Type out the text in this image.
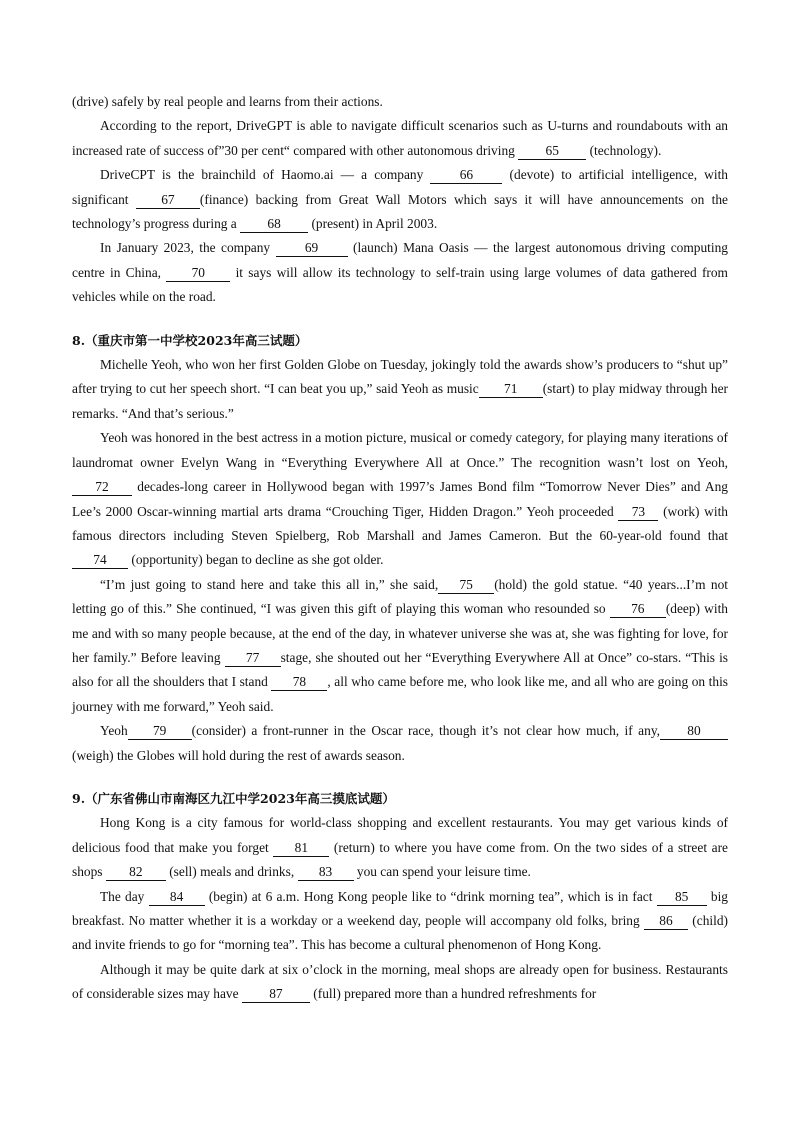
(drive) safely by real people and learns from their actions.

According to the report, DriveGPT is able to navigate difficult scenarios such as U-turns and roundabouts with an increased rate of success of”30 per cent“ compared with other autonomous driving 65 (technology).

DriveCPT is the brainchild of Haomo.ai — a company 66	(devote) to artificial intelligence, with significant 67 (finance) backing from Great Wall Motors which says it will have announcements on the technology’s progress during a 68 (present) in April 2003.

In January 2023, the company 69	(launch) Mana Oasis — the largest autonomous driving computing centre in China, 70 it says will allow its technology to self-train using large volumes of data gathered from vehicles while on the road.

8.（重庆市第一中学校2023年高三试题）

Michelle Yeoh, who won her first Golden Globe on Tuesday, jokingly told the awards show’s producers to “shut up” after trying to cut her speech short. “I can beat you up,” said Yeoh as music 71 (start) to play midway through her remarks. “And that’s serious.”

Yeoh was honored in the best actress in a motion picture, musical or comedy category, for playing many iterations of laundromat owner Evelyn Wang in “Everything Everywhere All at Once.” The recognition wasn’t lost on Yeoh,72 decades-long career in Hollywood began with 1997’s James Bond film “Tomorrow Never Dies” and Ang Lee’s 2000 Oscar-winning martial arts drama “Crouching Tiger, Hidden Dragon.” Yeoh proceeded 73 (work) with famous directors including Steven Spielberg, Rob Marshall and James Cameron. But the 60-year-old found that 74 (opportunity) began to decline as she got older.

“I’m just going to stand here and take this all in,” she said, 75 (hold) the gold statue. “40 years...I’m not letting go of this.” She continued, “I was given this gift of playing this woman who resounded so 76 (deep) with me and with so many people because, at the end of the day, in whatever universe she was at, she was fighting for love, for her family.” Before leaving 77 stage, she shouted out her “Everything Everywhere All at Once” co-stars. “This is also for all the shoulders that I stand 78 , all who came before me, who look like me, and all who are going on this journey with me forward,” Yeoh said.

Yeoh 79 (consider) a front-runner in the Oscar race, though it’s not clear how much, if any, 80(weigh) the Globes will hold during the rest of awards season.

9.（广东省佛山市南海区九江中学2023年高三摸底试题）

Hong Kong is a city famous for world-class shopping and excellent restaurants. You may get various kinds of delicious food that make you forget 81 (return) to where you have come from. On the two sides of a street are shops 82 (sell) meals and drinks, 83 you can spend your leisure time.

The day 84 (begin) at 6 a.m. Hong Kong people like to “drink morning tea”, which is in fact 85 big breakfast. No matter whether it is a workday or a weekend day, people will accompany old folks, bring 86 (child) and invite friends to go for “morning tea”. This has become a cultural phenomenon of Hong Kong.

Although it may be quite dark at six o’clock in the morning, meal shops are already open for business. Restaurants of considerable sizes may have 87 (full) prepared more than a hundred refreshments for
